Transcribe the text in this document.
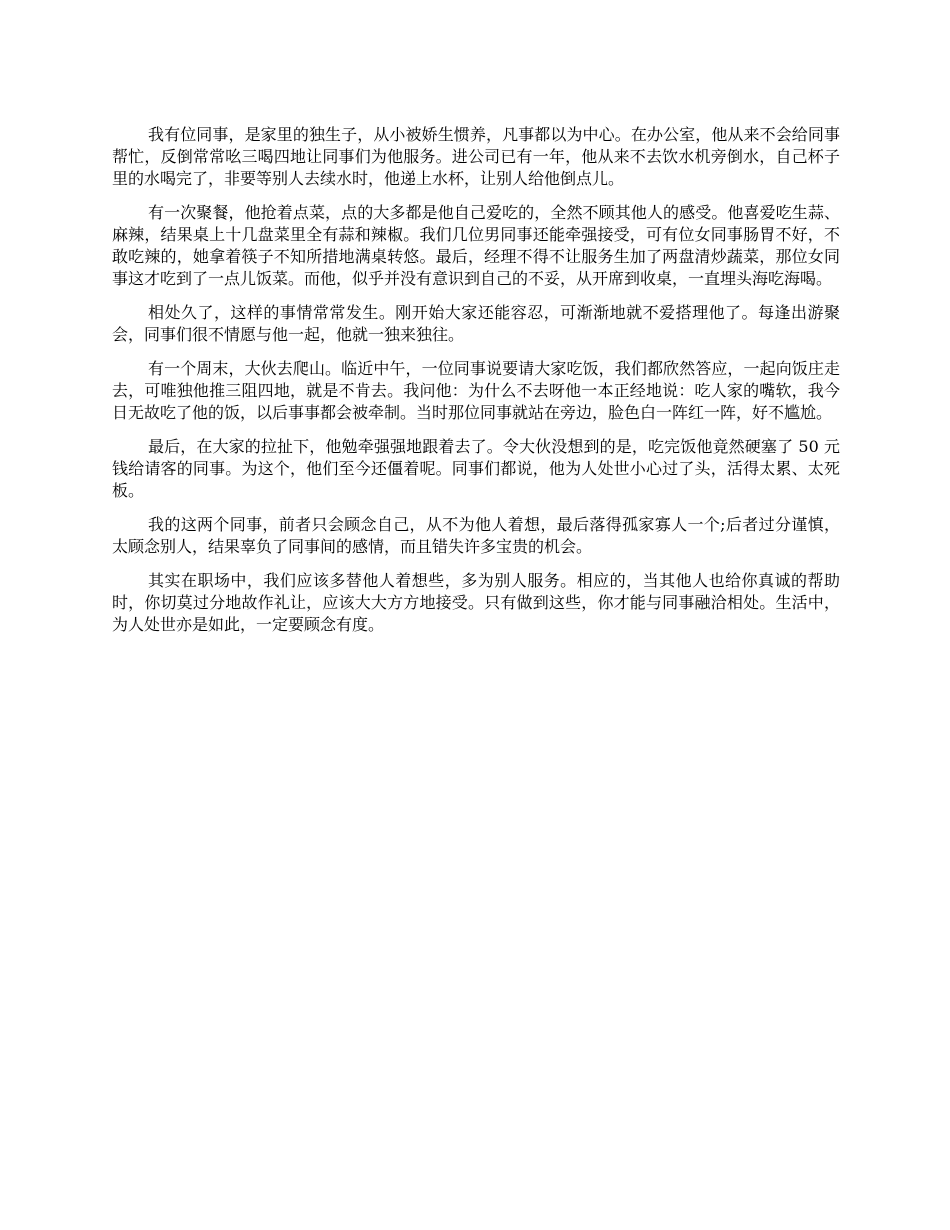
我有位同事，是家里的独生子，从小被娇生惯养，凡事都以为中心。在办公室，他从来不会给同事帮忙，反倒常常吆三喝四地让同事们为他服务。进公司已有一年，他从来不去饮水机旁倒水，自己杯子里的水喝完了，非要等别人去续水时，他递上水杯，让别人给他倒点儿。

有一次聚餐，他抢着点菜，点的大多都是他自己爱吃的，全然不顾其他人的感受。他喜爱吃生蒜、麻辣，结果桌上十几盘菜里全有蒜和辣椒。我们几位男同事还能牵强接受，可有位女同事肠胃不好，不敢吃辣的，她拿着筷子不知所措地满桌转悠。最后，经理不得不让服务生加了两盘清炒蔬菜，那位女同事这才吃到了一点儿饭菜。而他，似乎并没有意识到自己的不妥，从开席到收桌，一直埋头海吃海喝。

相处久了，这样的事情常常发生。刚开始大家还能容忍，可渐渐地就不爱搭理他了。每逢出游聚会，同事们很不情愿与他一起，他就一独来独往。

有一个周末，大伙去爬山。临近中午，一位同事说要请大家吃饭，我们都欣然答应，一起向饭庄走去，可唯独他推三阻四地，就是不肯去。我问他：为什么不去呀他一本正经地说：吃人家的嘴软，我今日无故吃了他的饭，以后事事都会被牵制。当时那位同事就站在旁边，脸色白一阵红一阵，好不尴尬。

最后，在大家的拉扯下，他勉牵强强地跟着去了。令大伙没想到的是，吃完饭他竟然硬塞了 50 元钱给请客的同事。为这个，他们至今还僵着呢。同事们都说，他为人处世小心过了头，活得太累、太死板。

我的这两个同事，前者只会顾念自己，从不为他人着想，最后落得孤家寡人一个;后者过分谨慎，太顾念别人，结果辜负了同事间的感情，而且错失许多宝贵的机会。

其实在职场中，我们应该多替他人着想些，多为别人服务。相应的，当其他人也给你真诚的帮助时，你切莫过分地故作礼让，应该大大方方地接受。只有做到这些，你才能与同事融洽相处。生活中，为人处世亦是如此，一定要顾念有度。
